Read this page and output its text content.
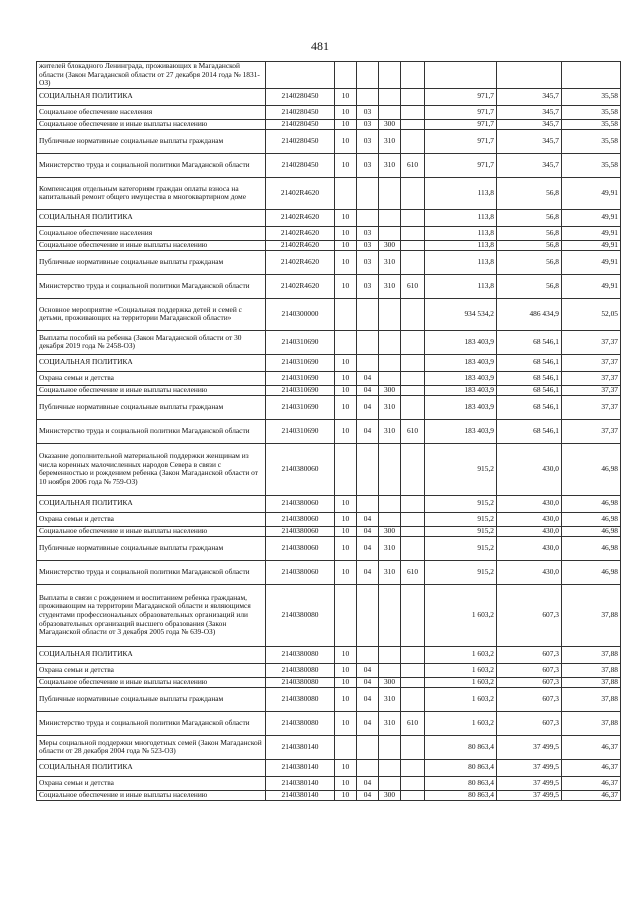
481
жителей блокадного Ленинграда, проживающих в Магаданской области (Закон Магаданской области от 27 декабря 2014 года № 1831-ОЗ)								
СОЦИАЛЬНАЯ ПОЛИТИКА	2140280450	10				971,7	345,7	35,58
Социальное обеспечение населения	2140280450	10	03			971,7	345,7	35,58
Социальное обеспечение и иные выплаты населению	2140280450	10	03	300		971,7	345,7	35,58
Публичные нормативные социальные выплаты гражданам	2140280450	10	03	310		971,7	345,7	35,58
Министерство труда и социальной политики Магаданской области	2140280450	10	03	310	610	971,7	345,7	35,58
Компенсация отдельным категориям граждан оплаты взноса на капитальный ремонт общего имущества в многоквартирном доме	21402R4620					113,8	56,8	49,91
СОЦИАЛЬНАЯ ПОЛИТИКА	21402R4620	10				113,8	56,8	49,91
Социальное обеспечение населения	21402R4620	10	03			113,8	56,8	49,91
Социальное обеспечение и иные выплаты населению	21402R4620	10	03	300		113,8	56,8	49,91
Публичные нормативные социальные выплаты гражданам	21402R4620	10	03	310		113,8	56,8	49,91
Министерство труда и социальной политики Магаданской области	21402R4620	10	03	310	610	113,8	56,8	49,91
Основное мероприятие «Социальная поддержка детей и семей с детьми, проживающих на территории Магаданской области»	2140300000					934 534,2	486 434,9	52,05
Выплаты пособий на ребенка (Закон Магаданской области от 30 декабря 2019 года № 2458-ОЗ)	2140310690					183 403,9	68 546,1	37,37
СОЦИАЛЬНАЯ ПОЛИТИКА	2140310690	10				183 403,9	68 546,1	37,37
Охрана семьи и детства	2140310690	10	04			183 403,9	68 546,1	37,37
Социальное обеспечение и иные выплаты населению	2140310690	10	04	300		183 403,9	68 546,1	37,37
Публичные нормативные социальные выплаты гражданам	2140310690	10	04	310		183 403,9	68 546,1	37,37
Министерство труда и социальной политики Магаданской области	2140310690	10	04	310	610	183 403,9	68 546,1	37,37
Оказание дополнительной материальной поддержки женщинам из числа коренных малочисленных народов Севера в связи с беременностью и рождением ребенка (Закон Магаданской области от 10 ноября 2006 года № 759-ОЗ)	2140380060					915,2	430,0	46,98
СОЦИАЛЬНАЯ ПОЛИТИКА	2140380060	10				915,2	430,0	46,98
Охрана семьи и детства	2140380060	10	04			915,2	430,0	46,98
Социальное обеспечение и иные выплаты населению	2140380060	10	04	300		915,2	430,0	46,98
Публичные нормативные социальные выплаты гражданам	2140380060	10	04	310		915,2	430,0	46,98
Министерство труда и социальной политики Магаданской области	2140380060	10	04	310	610	915,2	430,0	46,98
Выплаты в связи с рождением и воспитанием ребенка гражданам, проживающим на территории Магаданской области и являющимся студентами профессиональных образовательных организаций или образовательных организаций высшего образования (Закон Магаданской области от 3 декабря 2005 года № 639-ОЗ)	2140380080					1 603,2	607,3	37,88
СОЦИАЛЬНАЯ ПОЛИТИКА	2140380080	10				1 603,2	607,3	37,88
Охрана семьи и детства	2140380080	10	04			1 603,2	607,3	37,88
Социальное обеспечение и иные выплаты населению	2140380080	10	04	300		1 603,2	607,3	37,88
Публичные нормативные социальные выплаты гражданам	2140380080	10	04	310		1 603,2	607,3	37,88
Министерство труда и социальной политики Магаданской области	2140380080	10	04	310	610	1 603,2	607,3	37,88
Меры социальной поддержки многодетных семей (Закон Магаданской области от 28 декабря 2004 года № 523-ОЗ)	2140380140					80 863,4	37 499,5	46,37
СОЦИАЛЬНАЯ ПОЛИТИКА	2140380140	10				80 863,4	37 499,5	46,37
Охрана семьи и детства	2140380140	10	04			80 863,4	37 499,5	46,37
Социальное обеспечение и иные выплаты населению	2140380140	10	04	300		80 863,4	37 499,5	46,37
